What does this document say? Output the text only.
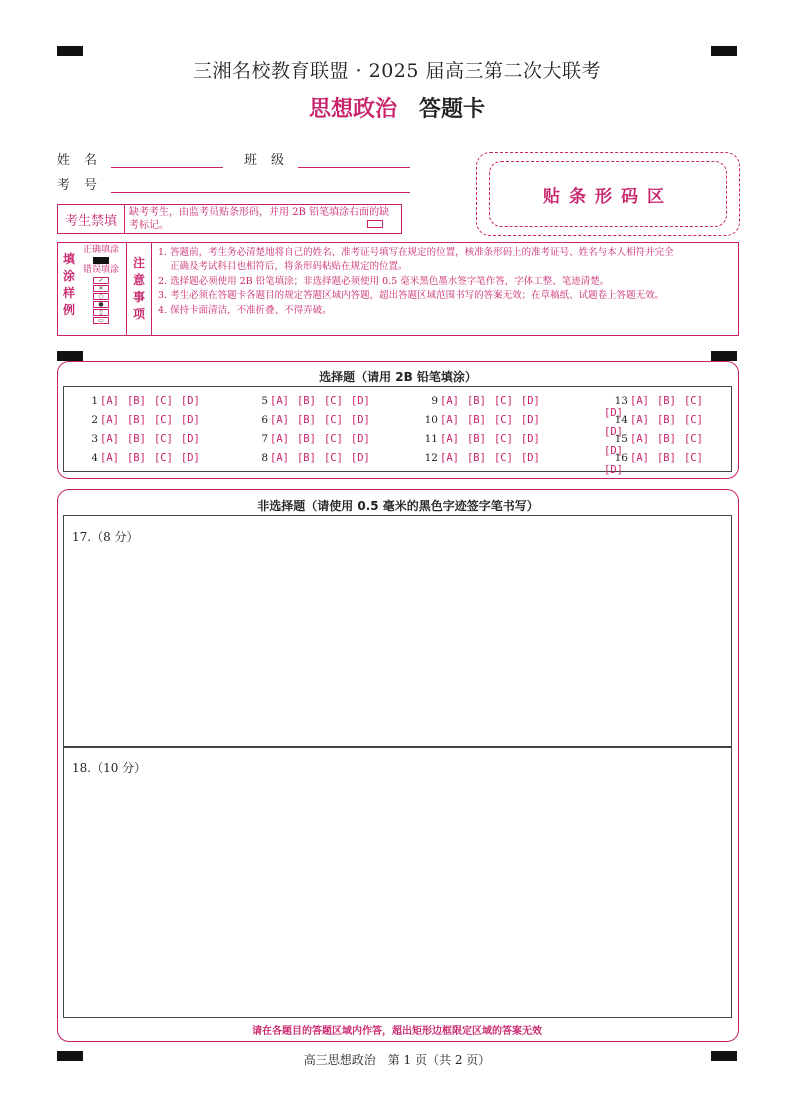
三湘名校教育联盟 · 2025 届高三第二次大联考
思想政治 答题卡
姓名	班级
考号
贴条形码区
考生禁填
缺考考生，由监考员贴条形码，并用 2B 铅笔填涂右面的缺考标记。
填
涂
样
例
正确填涂
错误填涂
✓
✕
○
●
▯
▭
注
意
事
项
1. 答题前，考生务必清楚地将自己的姓名、准考证号填写在规定的位置，核准条形码上的准考证号、姓名与本人相符并完全
正确及考试科目也相符后，将条形码粘贴在规定的位置。
2. 选择题必须使用 2B 铅笔填涂；非选择题必须使用 0.5 毫米黑色墨水签字笔作答，字体工整、笔迹清楚。
3. 考生必须在答题卡各题目的规定答题区域内答题，超出答题区域范围书写的答案无效；在草稿纸、试题卷上答题无效。
4. 保持卡面清洁，不准折叠、不得弄破。
选择题（请用 2B 铅笔填涂）
1 [A] [B] [C] [D]
2 [A] [B] [C] [D]
3 [A] [B] [C] [D]
4 [A] [B] [C] [D]
5 [A] [B] [C] [D]
6 [A] [B] [C] [D]
7 [A] [B] [C] [D]
8 [A] [B] [C] [D]
9 [A] [B] [C] [D]
10 [A] [B] [C] [D]
11 [A] [B] [C] [D]
12 [A] [B] [C] [D]
13 [A] [B] [C][D]
14 [A] [B] [C][D]
15 [A] [B] [C][D]
16 [A] [B] [C][D]
非选择题（请使用 0.5 毫米的黑色字迹签字笔书写）
17.（8 分）
18.（10 分）
请在各题目的答题区域内作答，超出矩形边框限定区域的答案无效
高三思想政治　第 1 页（共 2 页）
